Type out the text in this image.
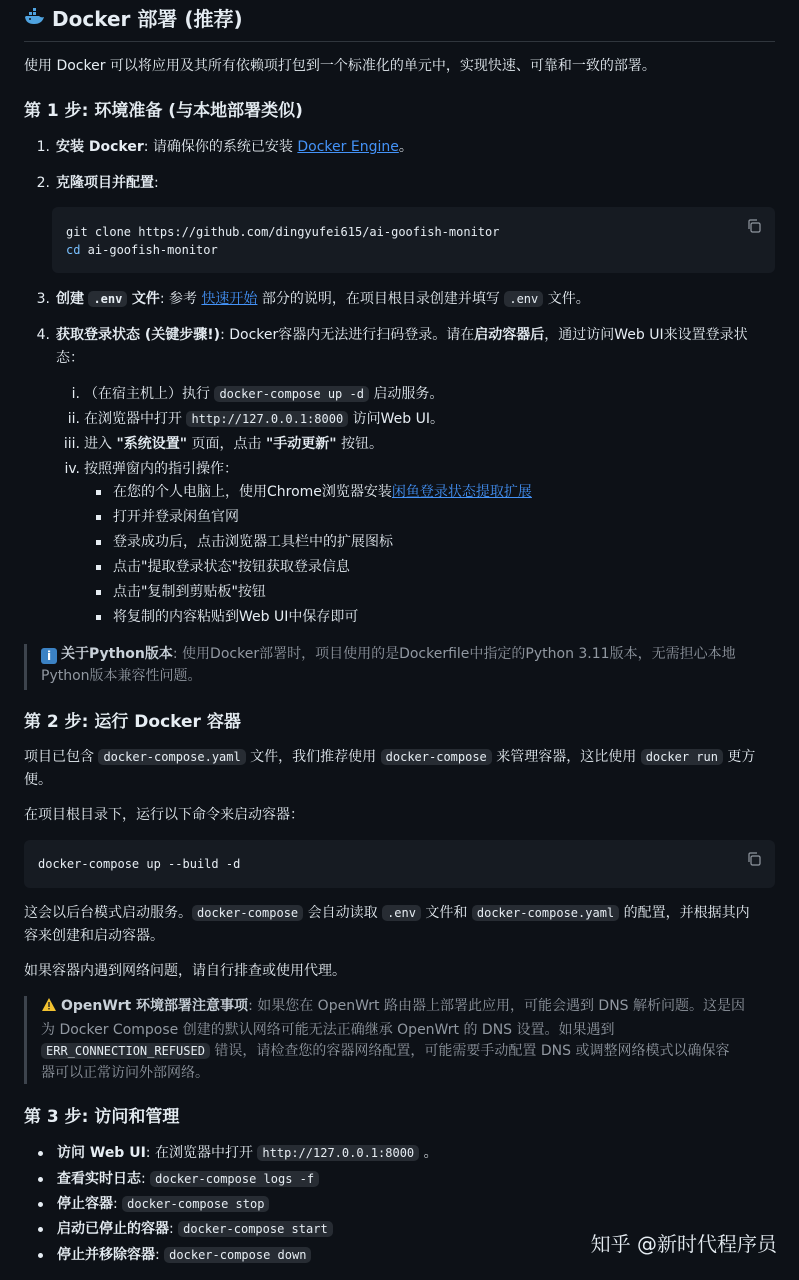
Docker 部署 (推荐)

使用 Docker 可以将应用及其所有依赖项打包到一个标准化的单元中，实现快速、可靠和一致的部署。

第 1 步: 环境准备 (与本地部署类似)
1. 安装 Docker: 请确保你的系统已安装 Docker Engine。
2. 克隆项目并配置:
git clone https://github.com/dingyufei615/ai-goofish-monitor
cd ai-goofish-monitor
3. 创建 .env 文件: 参考 快速开始 部分的说明，在项目根目录创建并填写 .env 文件。
4. 获取登录状态 (关键步骤!): Docker容器内无法进行扫码登录。请在启动容器后，通过访问Web UI来设置登录状
态：
i. （在宿主机上）执行 docker-compose up -d 启动服务。
ii. 在浏览器中打开 http://127.0.0.1:8000 访问Web UI。
iii. 进入 "系统设置" 页面，点击 "手动更新" 按钮。
iv. 按照弹窗内的指引操作：
在您的个人电脑上，使用Chrome浏览器安装闲鱼登录状态提取扩展
打开并登录闲鱼官网
登录成功后，点击浏览器工具栏中的扩展图标
点击"提取登录状态"按钮获取登录信息
点击"复制到剪贴板"按钮
将复制的内容粘贴到Web UI中保存即可
i 关于Python版本: 使用Docker部署时，项目使用的是Dockerfile中指定的Python 3.11版本，无需担心本地
Python版本兼容性问题。
第 2 步: 运行 Docker 容器
项目已包含 docker-compose.yaml 文件，我们推荐使用 docker-compose 来管理容器，这比使用 docker run 更方
便。

在项目根目录下，运行以下命令来启动容器：

docker-compose up --build -d
这会以后台模式启动服务。 docker-compose 会自动读取 .env 文件和 docker-compose.yaml 的配置，并根据其内
容来创建和启动容器。

如果容器内遇到网络问题，请自行排查或使用代理。

OpenWrt 环境部署注意事项: 如果您在 OpenWrt 路由器上部署此应用，可能会遇到 DNS 解析问题。这是因
为 Docker Compose 创建的默认网络可能无法正确继承 OpenWrt 的 DNS 设置。如果遇到
ERR_CONNECTION_REFUSED 错误，请检查您的容器网络配置，可能需要手动配置 DNS 或调整网络模式以确保容
器可以正常访问外部网络。
第 3 步: 访问和管理
访问 Web UI: 在浏览器中打开 http://127.0.0.1:8000 。
查看实时日志: docker-compose logs -f
停止容器: docker-compose stop
启动已停止的容器: docker-compose start
停止并移除容器: docker-compose down	知乎 @新时代程序员
